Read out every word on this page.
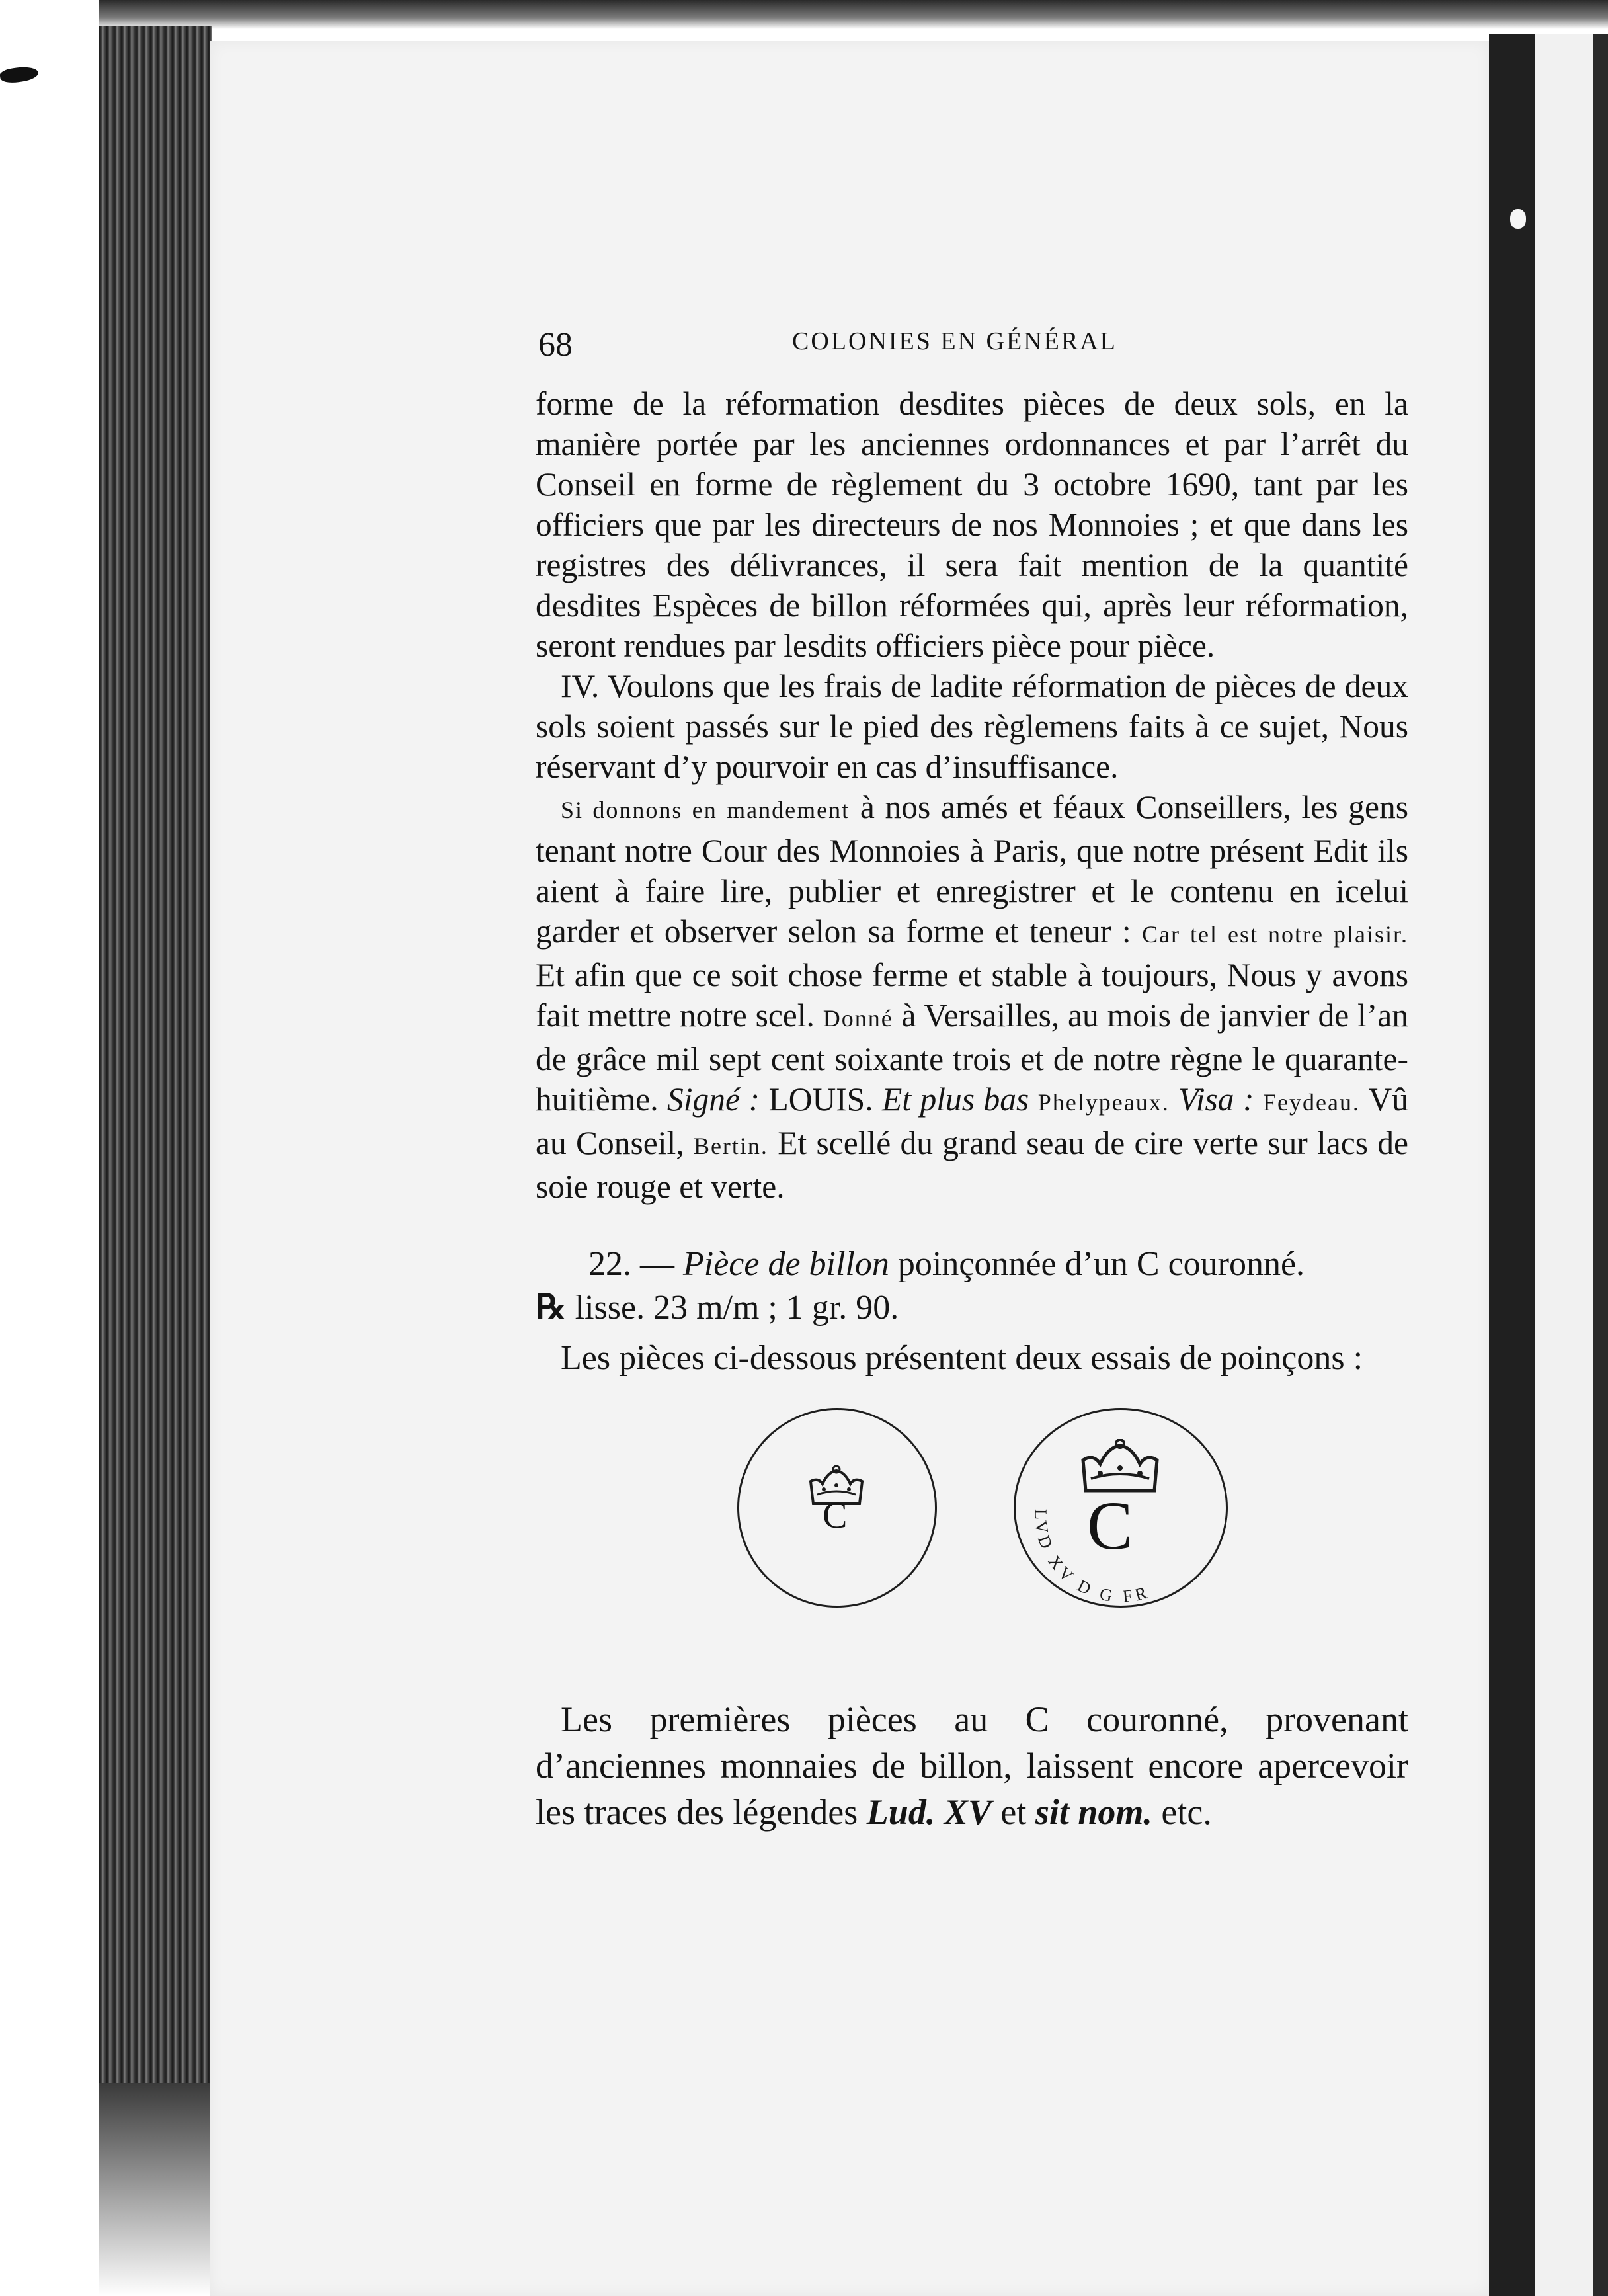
68	COLONIES EN GÉNÉRAL

forme de la réformation desdites pièces de deux sols, en la manière portée par les anciennes ordonnances et par l’arrêt du Conseil en forme de règlement du 3 octobre 1690, tant par les officiers que par les directeurs de nos Monnoies ; et que dans les registres des délivrances, il sera fait mention de la quantité desdites Espèces de billon réformées qui, après leur réformation, seront rendues par lesdits officiers pièce pour pièce.

IV. Voulons que les frais de ladite réformation de pièces de deux sols soient passés sur le pied des règlemens faits à ce sujet, Nous réservant d’y pourvoir en cas d’insuffisance.

Si donnons en mandement à nos amés et féaux Conseillers, les gens tenant notre Cour des Monnoies à Paris, que notre présent Edit ils aient à faire lire, publier et enregistrer et le contenu en icelui garder et observer selon sa forme et teneur : Car tel est notre plaisir. Et afin que ce soit chose ferme et stable à toujours, Nous y avons fait mettre notre scel. Donné à Versailles, au mois de janvier de l’an de grâce mil sept cent soixante trois et de notre règne le quarante-huitième. Signé : LOUIS. Et plus bas Phelypeaux. Visa : Feydeau. Vû au Conseil, Bertin. Et scellé du grand seau de cire verte sur lacs de soie rouge et verte.

22. — Pièce de billon poinçonnée d’un C couronné.

℞ lisse. 23 m/m ; 1 gr. 90.

Les pièces ci-dessous présentent deux essais de poinçons :

C	C
LVD XV D G FR

Les premières pièces au C couronné, provenant d’anciennes monnaies de billon, laissent encore apercevoir les traces des légendes Lud. XV et sit nom. etc.
